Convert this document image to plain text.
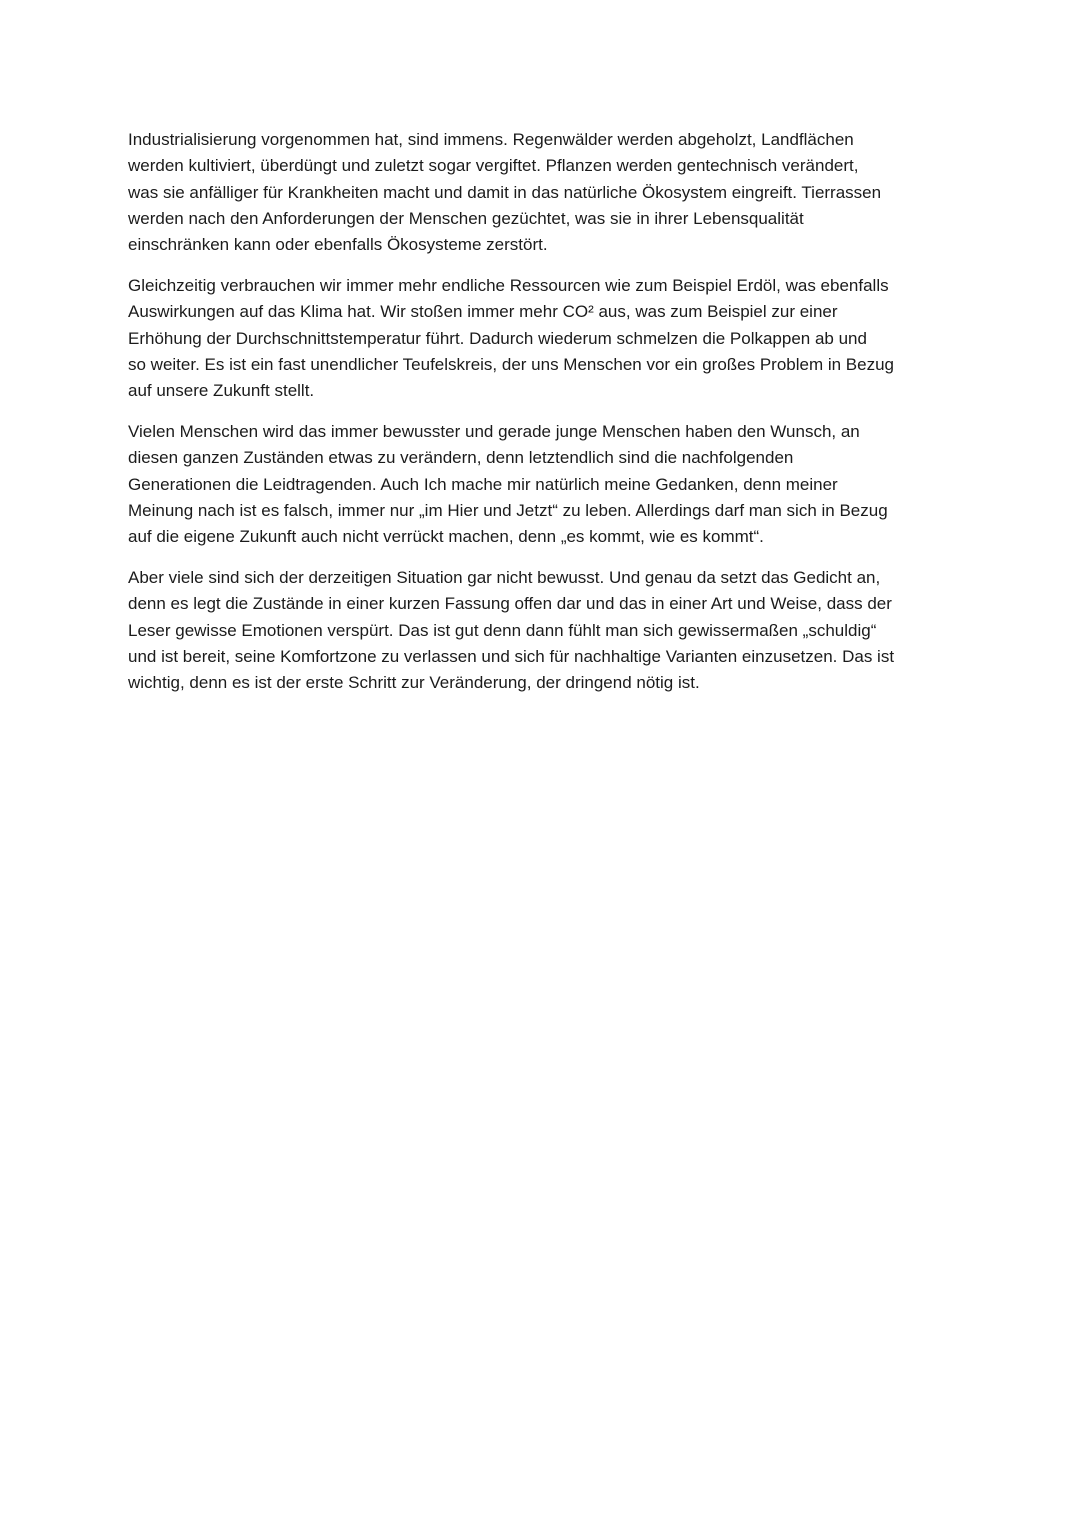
Industrialisierung vorgenommen hat, sind immens. Regenwälder werden abgeholzt, Landflächen
werden kultiviert, überdüngt und zuletzt sogar vergiftet. Pflanzen werden gentechnisch verändert,
was sie anfälliger für Krankheiten macht und damit in das natürliche Ökosystem eingreift. Tierrassen
werden nach den Anforderungen der Menschen gezüchtet, was sie in ihrer Lebensqualität
einschränken kann oder ebenfalls Ökosysteme zerstört.

Gleichzeitig verbrauchen wir immer mehr endliche Ressourcen wie zum Beispiel Erdöl, was ebenfalls
Auswirkungen auf das Klima hat. Wir stoßen immer mehr CO² aus, was zum Beispiel zur einer
Erhöhung der Durchschnittstemperatur führt. Dadurch wiederum schmelzen die Polkappen ab und
so weiter. Es ist ein fast unendlicher Teufelskreis, der uns Menschen vor ein großes Problem in Bezug
auf unsere Zukunft stellt.

Vielen Menschen wird das immer bewusster und gerade junge Menschen haben den Wunsch, an
diesen ganzen Zuständen etwas zu verändern, denn letztendlich sind die nachfolgenden
Generationen die Leidtragenden. Auch Ich mache mir natürlich meine Gedanken, denn meiner
Meinung nach ist es falsch, immer nur „im Hier und Jetzt“ zu leben. Allerdings darf man sich in Bezug
auf die eigene Zukunft auch nicht verrückt machen, denn „es kommt, wie es kommt“.

Aber viele sind sich der derzeitigen Situation gar nicht bewusst. Und genau da setzt das Gedicht an,
denn es legt die Zustände in einer kurzen Fassung offen dar und das in einer Art und Weise, dass der
Leser gewisse Emotionen verspürt. Das ist gut denn dann fühlt man sich gewissermaßen „schuldig“
und ist bereit, seine Komfortzone zu verlassen und sich für nachhaltige Varianten einzusetzen. Das ist
wichtig, denn es ist der erste Schritt zur Veränderung, der dringend nötig ist.
